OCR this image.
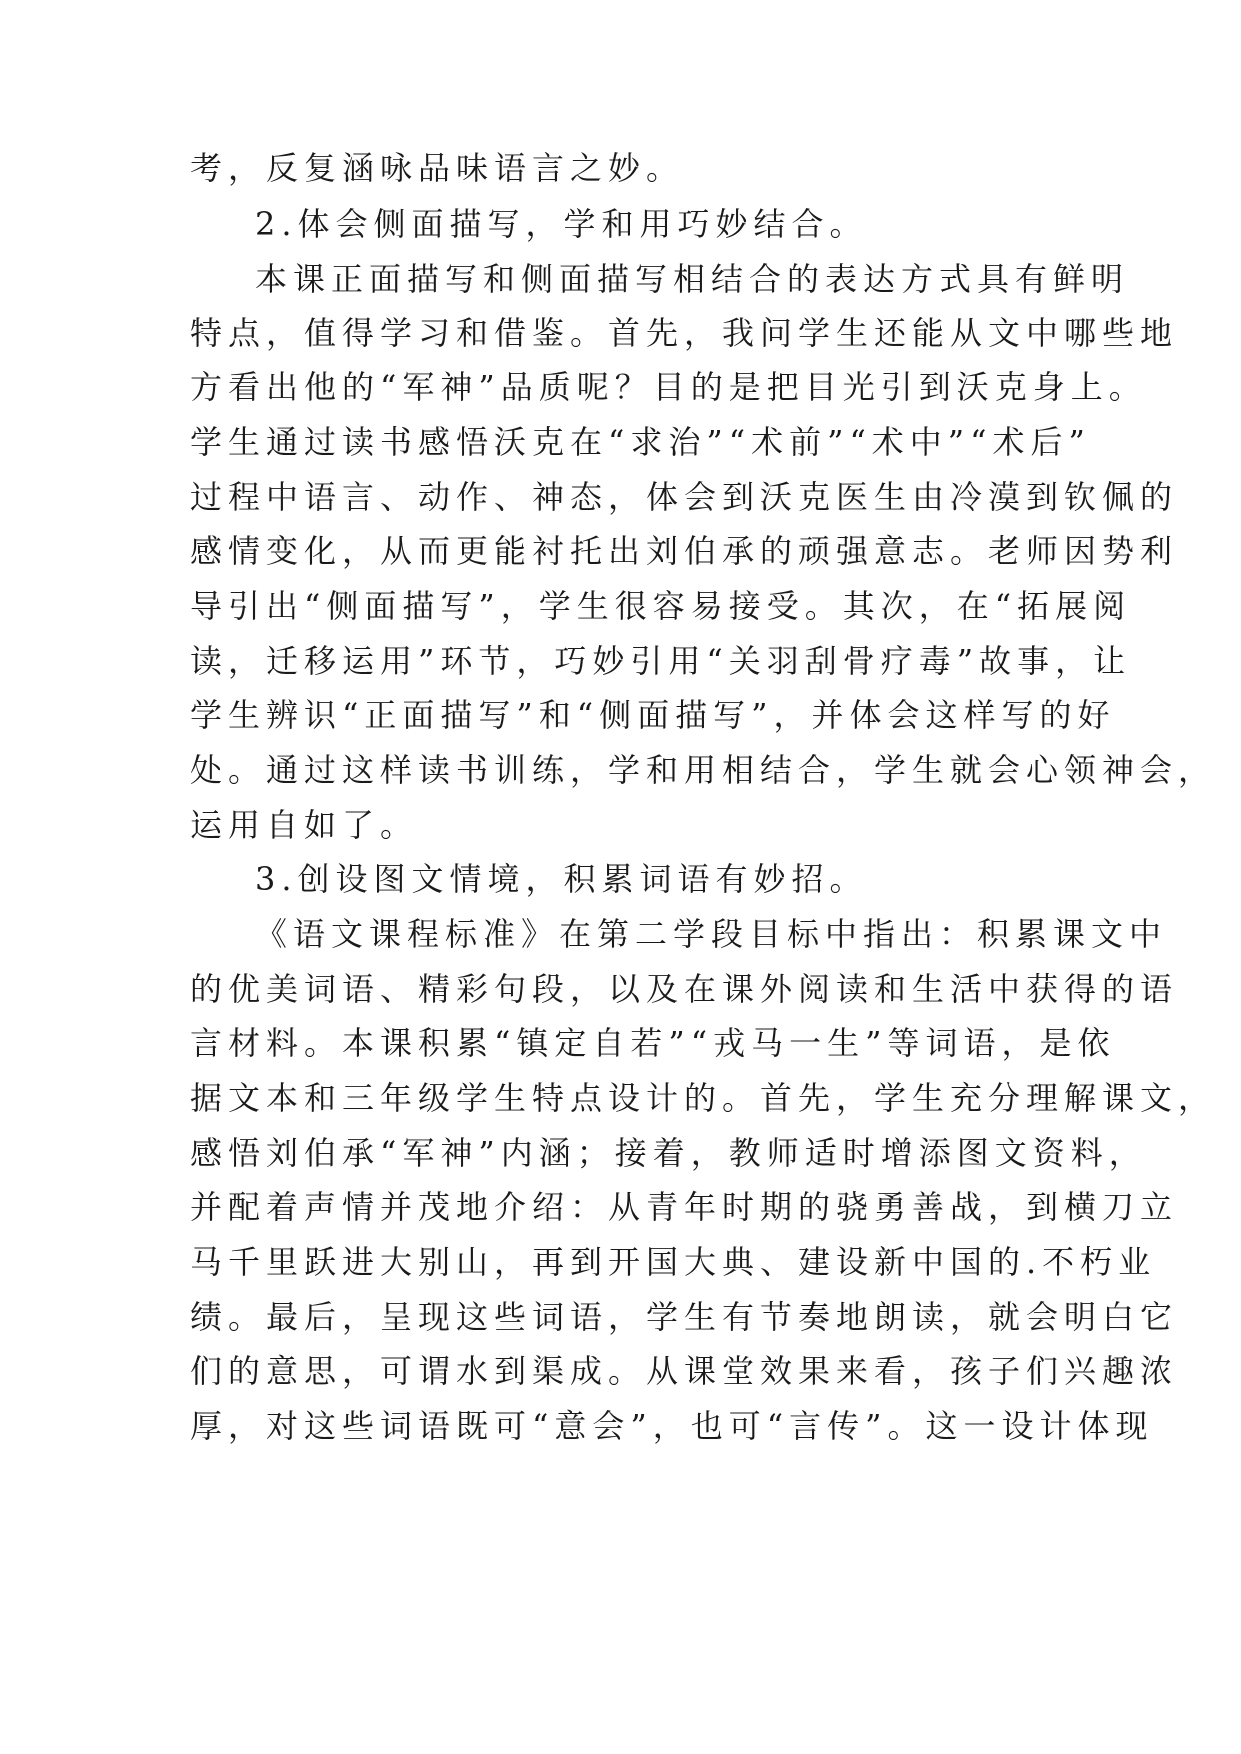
考，反复涵咏品味语言之妙。
2.体会侧面描写，学和用巧妙结合。
本课正面描写和侧面描写相结合的表达方式具有鲜明
特点，值得学习和借鉴。首先，我问学生还能从文中哪些地
方看出他的“军神”品质呢？目的是把目光引到沃克身上。
学生通过读书感悟沃克在“求治”“术前”“术中”“术后”
过程中语言、动作、神态，体会到沃克医生由冷漠到钦佩的
感情变化，从而更能衬托出刘伯承的顽强意志。老师因势利
导引出“侧面描写”，学生很容易接受。其次，在“拓展阅
读，迁移运用”环节，巧妙引用“关羽刮骨疗毒”故事，让
学生辨识“正面描写”和“侧面描写”，并体会这样写的好
处。通过这样读书训练，学和用相结合，学生就会心领神会，
运用自如了。
3.创设图文情境，积累词语有妙招。
《语文课程标准》在第二学段目标中指出：积累课文中
的优美词语、精彩句段，以及在课外阅读和生活中获得的语
言材料。本课积累“镇定自若”“戎马一生”等词语，是依
据文本和三年级学生特点设计的。首先，学生充分理解课文，
感悟刘伯承“军神”内涵；接着，教师适时增添图文资料，
并配着声情并茂地介绍：从青年时期的骁勇善战，到横刀立
马千里跃进大别山，再到开国大典、建设新中国的.不朽业
绩。最后，呈现这些词语，学生有节奏地朗读，就会明白它
们的意思，可谓水到渠成。从课堂效果来看，孩子们兴趣浓
厚，对这些词语既可“意会”，也可“言传”。这一设计体现
